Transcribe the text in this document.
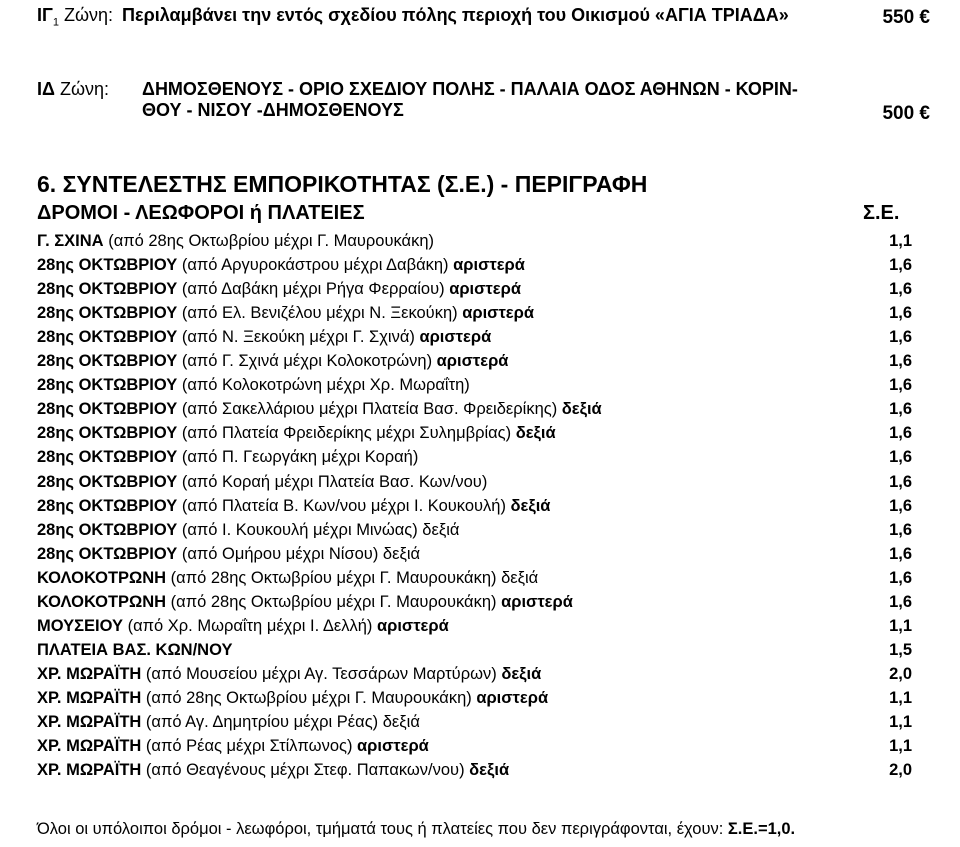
$I\Gamma_1$ Ζώνη: Περιλαμβάνει την εντός σχεδίου πόλης περιοχή του Οικισμού «ΑΓΙΑ ΤΡΙΑΔΑ»	550 €
ΙΔ Ζώνη: ΔΗΜΟΣΘΕΝΟΥΣ - ΟΡΙΟ ΣΧΕΔΙΟΥ ΠΟΛΗΣ - ΠΑΛΑΙΑ ΟΔΟΣ ΑΘΗΝΩΝ - ΚΟΡΙΝ-
ΘΟΥ - ΝΙΣΟΥ -ΔΗΜΟΣΘΕΝΟΥΣ	500 €
6. ΣΥΝΤΕΛΕΣΤΗΣ ΕΜΠΟΡΙΚΟΤΗΤΑΣ (Σ.Ε.) - ΠΕΡΙΓΡΑΦΗ
ΔΡΟΜΟΙ - ΛΕΩΦΟΡΟΙ ή ΠΛΑΤΕΙΕΣ	Σ.Ε.
Γ. ΣΧΙΝΑ (από 28ης Οκτωβρίου μέχρι Γ. Μαυρουκάκη)	1,1
28ης ΟΚΤΩΒΡΙΟΥ (από Αργυροκάστρου μέχρι Δαβάκη) αριστερά	1,6
28ης ΟΚΤΩΒΡΙΟΥ (από Δαβάκη μέχρι Ρήγα Φερραίου) αριστερά	1,6
28ης ΟΚΤΩΒΡΙΟΥ (από Ελ. Βενιζέλου μέχρι Ν. Ξεκούκη) αριστερά	1,6
28ης ΟΚΤΩΒΡΙΟΥ (από Ν. Ξεκούκη μέχρι Γ. Σχινά) αριστερά	1,6
28ης ΟΚΤΩΒΡΙΟΥ (από Γ. Σχινά μέχρι Κολοκοτρώνη) αριστερά	1,6
28ης ΟΚΤΩΒΡΙΟΥ (από Κολοκοτρώνη μέχρι Χρ. Μωραΐτη)	1,6
28ης ΟΚΤΩΒΡΙΟΥ (από Σακελλάριου μέχρι Πλατεία Βασ. Φρειδερίκης) δεξιά	1,6
28ης ΟΚΤΩΒΡΙΟΥ (από Πλατεία Φρειδερίκης μέχρι Συλημβρίας) δεξιά	1,6
28ης ΟΚΤΩΒΡΙΟΥ (από Π. Γεωργάκη μέχρι Κοραή)	1,6
28ης ΟΚΤΩΒΡΙΟΥ (από Κοραή μέχρι Πλατεία Βασ. Κων/νου)	1,6
28ης ΟΚΤΩΒΡΙΟΥ (από Πλατεία Β. Κων/νου μέχρι Ι. Κουκουλή) δεξιά	1,6
28ης ΟΚΤΩΒΡΙΟΥ (από Ι. Κουκουλή μέχρι Μινώας) δεξιά	1,6
28ης ΟΚΤΩΒΡΙΟΥ (από Ομήρου μέχρι Νίσου) δεξιά	1,6
ΚΟΛΟΚΟΤΡΩΝΗ (από 28ης Οκτωβρίου μέχρι Γ. Μαυρουκάκη) δεξιά	1,6
ΚΟΛΟΚΟΤΡΩΝΗ (από 28ης Οκτωβρίου μέχρι Γ. Μαυρουκάκη) αριστερά	1,6
ΜΟΥΣΕΙΟΥ (από Χρ. Μωραΐτη μέχρι Ι. Δελλή) αριστερά	1,1
ΠΛΑΤΕΙΑ ΒΑΣ. ΚΩΝ/ΝΟΥ	1,5
ΧΡ. ΜΩΡΑΪΤΗ (από Μουσείου μέχρι Αγ. Τεσσάρων Μαρτύρων) δεξιά	2,0
ΧΡ. ΜΩΡΑΪΤΗ (από 28ης Οκτωβρίου μέχρι Γ. Μαυρουκάκη) αριστερά	1,1
ΧΡ. ΜΩΡΑΪΤΗ (από Αγ. Δημητρίου μέχρι Ρέας) δεξιά	1,1
ΧΡ. ΜΩΡΑΪΤΗ (από Ρέας μέχρι Στίλπωνος) αριστερά	1,1
ΧΡ. ΜΩΡΑΪΤΗ (από Θεαγένους μέχρι Στεφ. Παπακων/νου) δεξιά	2,0
Όλοι οι υπόλοιποι δρόμοι - λεωφόροι, τμήματά τους ή πλατείες που δεν περιγράφονται, έχουν: Σ.Ε.=1,0.
